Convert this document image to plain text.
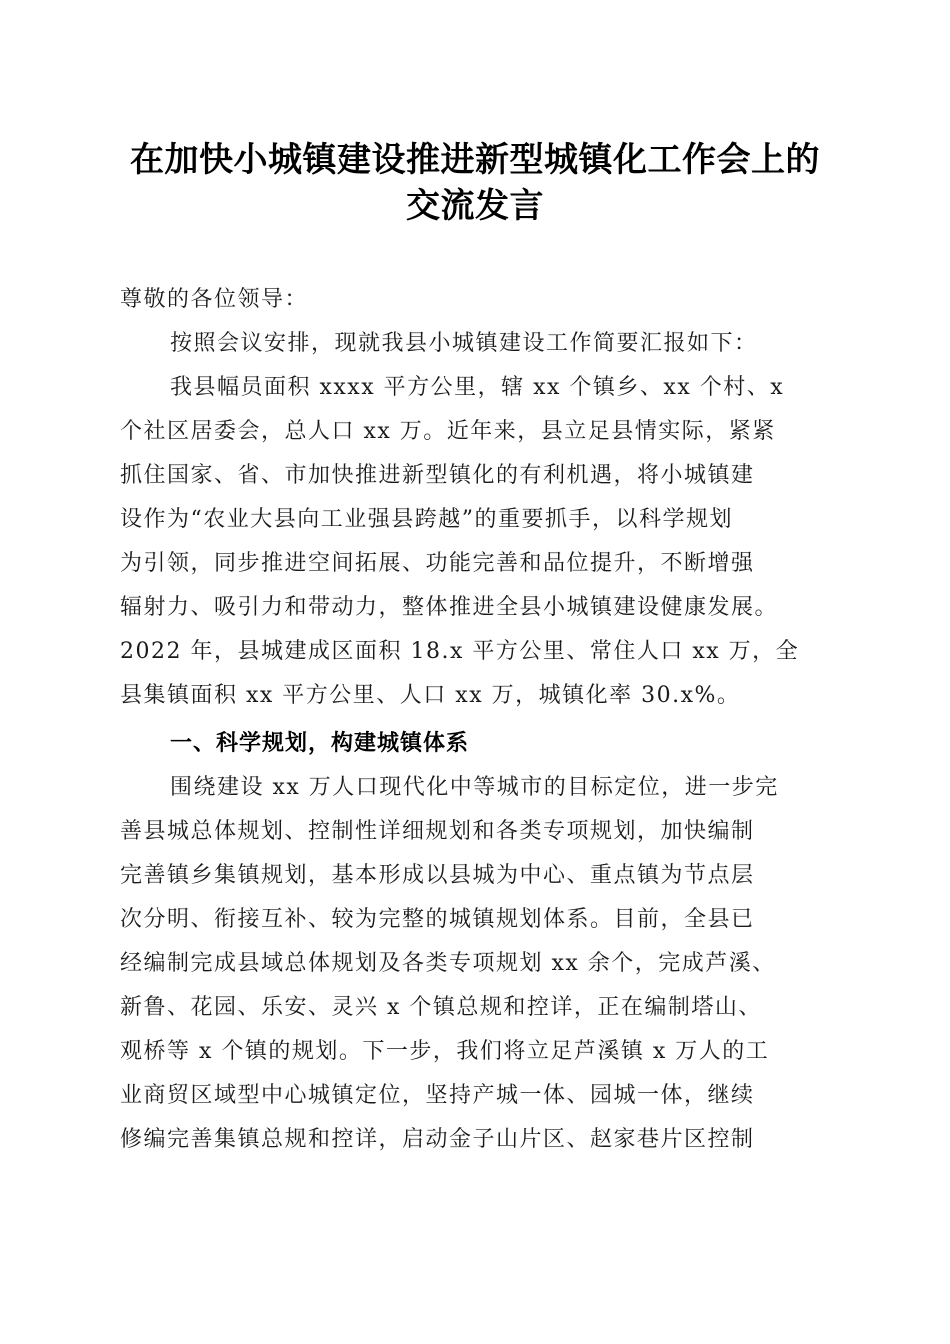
在加快小城镇建设推进新型城镇化工作会上的
交流发言
尊敬的各位领导：
按照会议安排，现就我县小城镇建设工作简要汇报如下：
我县幅员面积 xxxx 平方公里，辖 xx 个镇乡、xx 个村、x
个社区居委会，总人口 xx 万。近年来，县立足县情实际，紧紧
抓住国家、省、市加快推进新型镇化的有利机遇，将小城镇建
设作为“农业大县向工业强县跨越”的重要抓手，以科学规划
为引领，同步推进空间拓展、功能完善和品位提升，不断增强
辐射力、吸引力和带动力，整体推进全县小城镇建设健康发展。
2022 年，县城建成区面积 18.x 平方公里、常住人口 xx 万，全
县集镇面积 xx 平方公里、人口 xx 万，城镇化率 30.x%。
一、科学规划，构建城镇体系
围绕建设 xx 万人口现代化中等城市的目标定位，进一步完
善县城总体规划、控制性详细规划和各类专项规划，加快编制
完善镇乡集镇规划，基本形成以县城为中心、重点镇为节点层
次分明、衔接互补、较为完整的城镇规划体系。目前，全县已
经编制完成县域总体规划及各类专项规划 xx 余个，完成芦溪、
新鲁、花园、乐安、灵兴 x 个镇总规和控详，正在编制塔山、
观桥等 x 个镇的规划。下一步，我们将立足芦溪镇 x 万人的工
业商贸区域型中心城镇定位，坚持产城一体、园城一体，继续
修编完善集镇总规和控详，启动金子山片区、赵家巷片区控制
